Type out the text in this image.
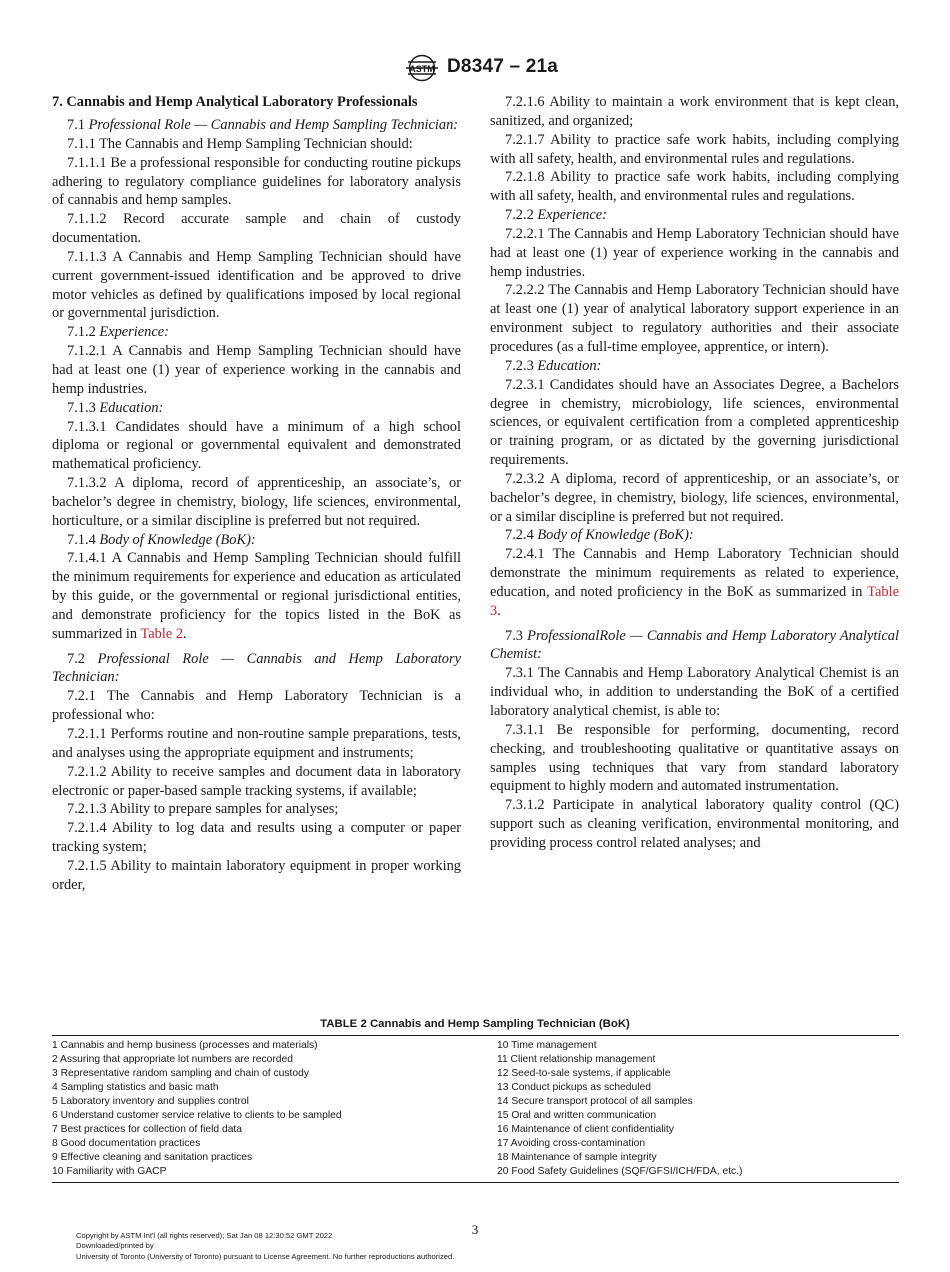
ASTM D8347 – 21a
7. Cannabis and Hemp Analytical Laboratory Professionals

7.1 Professional Role — Cannabis and Hemp Sampling Technician:

7.1.1 The Cannabis and Hemp Sampling Technician should:

7.1.1.1 Be a professional responsible for conducting routine pickups adhering to regulatory compliance guidelines for laboratory analysis of cannabis and hemp samples.

7.1.1.2 Record accurate sample and chain of custody documentation.

7.1.1.3 A Cannabis and Hemp Sampling Technician should have current government-issued identification and be approved to drive motor vehicles as defined by qualifications imposed by local regional or governmental jurisdiction.

7.1.2 Experience:

7.1.2.1 A Cannabis and Hemp Sampling Technician should have had at least one (1) year of experience working in the cannabis and hemp industries.

7.1.3 Education:

7.1.3.1 Candidates should have a minimum of a high school diploma or regional or governmental equivalent and demonstrated mathematical proficiency.

7.1.3.2 A diploma, record of apprenticeship, an associate’s, or bachelor’s degree in chemistry, biology, life sciences, environmental, horticulture, or a similar discipline is preferred but not required.

7.1.4 Body of Knowledge (BoK):

7.1.4.1 A Cannabis and Hemp Sampling Technician should fulfill the minimum requirements for experience and education as articulated by this guide, or the governmental or regional jurisdictional entities, and demonstrate proficiency for the topics listed in the BoK as summarized in Table 2.

7.2 Professional Role — Cannabis and Hemp Laboratory Technician:

7.2.1 The Cannabis and Hemp Laboratory Technician is a professional who:

7.2.1.1 Performs routine and non-routine sample preparations, tests, and analyses using the appropriate equipment and instruments;

7.2.1.2 Ability to receive samples and document data in laboratory electronic or paper-based sample tracking systems, if available;

7.2.1.3 Ability to prepare samples for analyses;

7.2.1.4 Ability to log data and results using a computer or paper tracking system;

7.2.1.5 Ability to maintain laboratory equipment in proper working order,

7.2.1.6 Ability to maintain a work environment that is kept clean, sanitized, and organized;

7.2.1.7 Ability to practice safe work habits, including complying with all safety, health, and environmental rules and regulations.

7.2.1.8 Ability to practice safe work habits, including complying with all safety, health, and environmental rules and regulations.

7.2.2 Experience:

7.2.2.1 The Cannabis and Hemp Laboratory Technician should have had at least one (1) year of experience working in the cannabis and hemp industries.

7.2.2.2 The Cannabis and Hemp Laboratory Technician should have at least one (1) year of analytical laboratory support experience in an environment subject to regulatory authorities and their associate procedures (as a full-time employee, apprentice, or intern).

7.2.3 Education:

7.2.3.1 Candidates should have an Associates Degree, a Bachelors degree in chemistry, microbiology, life sciences, environmental sciences, or equivalent certification from a completed apprenticeship or training program, or as dictated by the governing jurisdictional requirements.

7.2.3.2 A diploma, record of apprenticeship, or an associate’s, or bachelor’s degree, in chemistry, biology, life sciences, environmental, or a similar discipline is preferred but not required.

7.2.4 Body of Knowledge (BoK):

7.2.4.1 The Cannabis and Hemp Laboratory Technician should demonstrate the minimum requirements as related to experience, education, and noted proficiency in the BoK as summarized in Table 3.

7.3 ProfessionalRole — Cannabis and Hemp Laboratory Analytical Chemist:

7.3.1 The Cannabis and Hemp Laboratory Analytical Chemist is an individual who, in addition to understanding the BoK of a certified laboratory analytical chemist, is able to:

7.3.1.1 Be responsible for performing, documenting, record checking, and troubleshooting qualitative or quantitative assays on samples using techniques that vary from standard laboratory equipment to highly modern and automated instrumentation.

7.3.1.2 Participate in analytical laboratory quality control (QC) support such as cleaning verification, environmental monitoring, and providing process control related analyses; and

TABLE 2 Cannabis and Hemp Sampling Technician (BoK)
1 Cannabis and hemp business (processes and materials)
2 Assuring that appropriate lot numbers are recorded
3 Representative random sampling and chain of custody
4 Sampling statistics and basic math
5 Laboratory inventory and supplies control
6 Understand customer service relative to clients to be sampled
7 Best practices for collection of field data
8 Good documentation practices
9 Effective cleaning and sanitation practices
10 Familiarity with GACP
10 Time management
11 Client relationship management
12 Seed-to-sale systems, if applicable
13 Conduct pickups as scheduled
14 Secure transport protocol of all samples
15 Oral and written communication
16 Maintenance of client confidentiality
17 Avoiding cross-contamination
18 Maintenance of sample integrity
20 Food Safety Guidelines (SQF/GFSI/ICH/FDA, etc.)
3
Copyright by ASTM Int'l (all rights reserved); Sat Jan 08 12:30:52 GMT 2022
Downloaded/printed by
University of Toronto (University of Toronto) pursuant to License Agreement. No further reproductions authorized.
